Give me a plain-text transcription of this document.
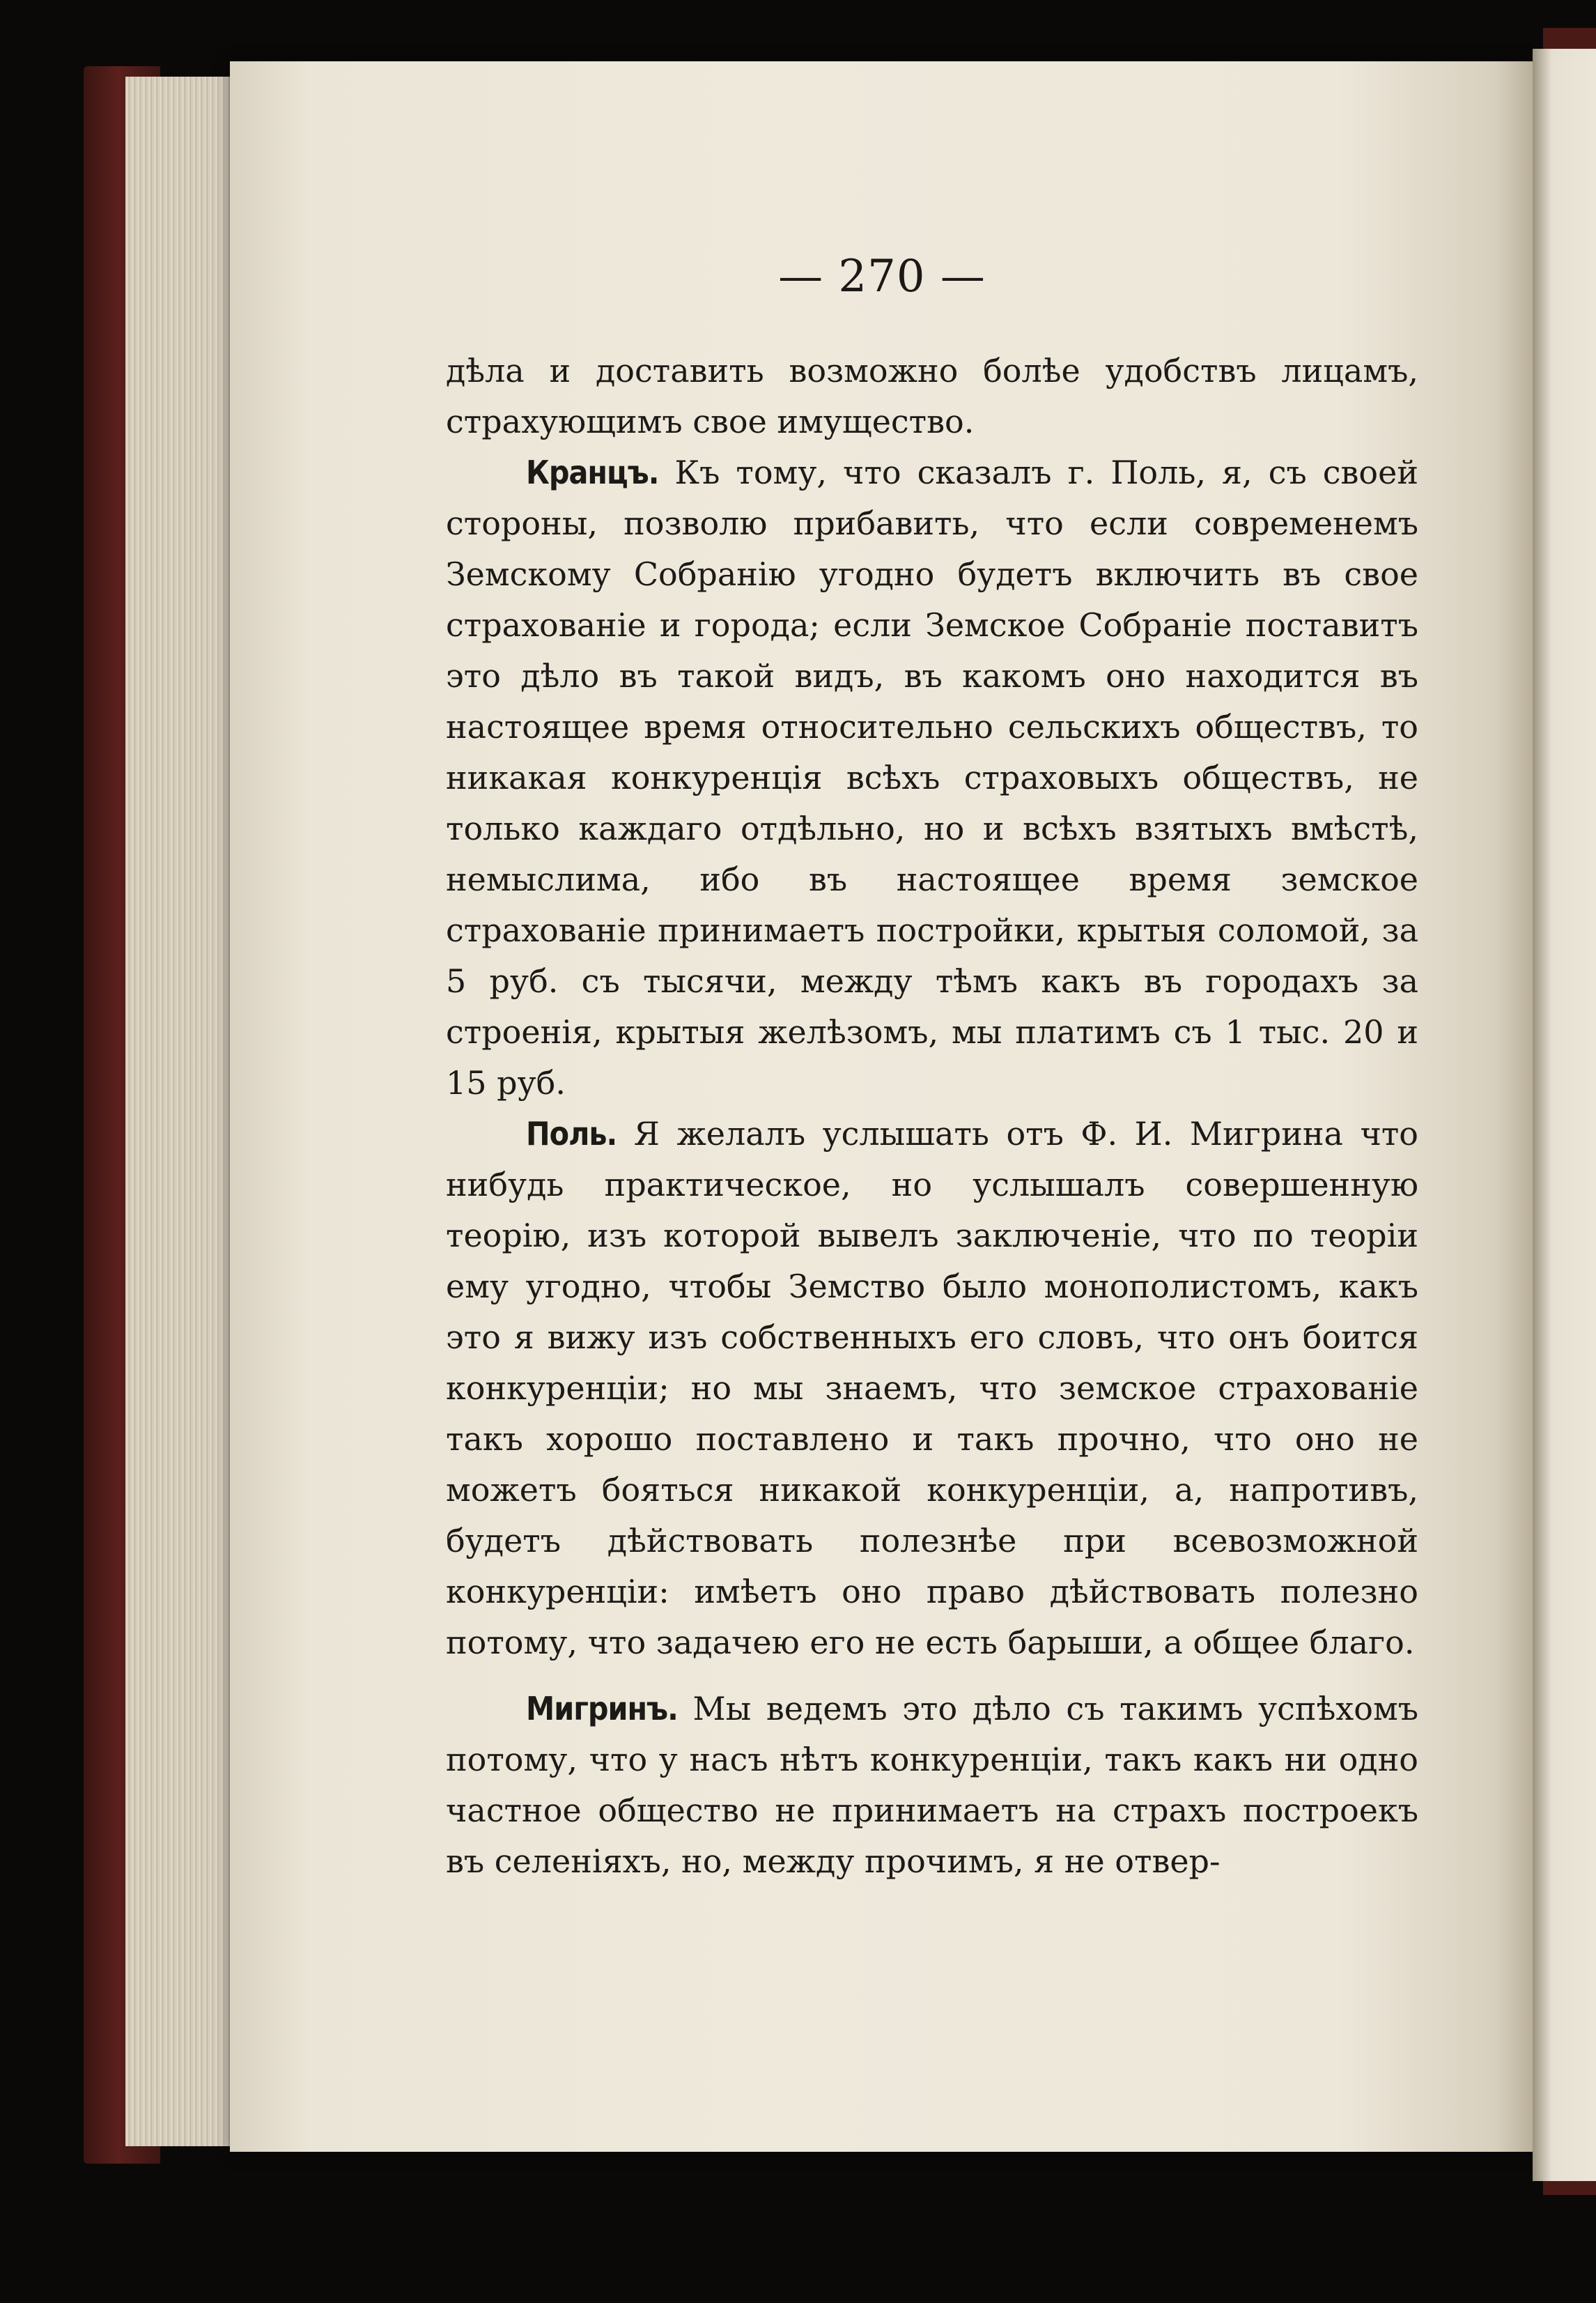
— 270 —

дѣла и доставить возможно болѣе удобствъ лицамъ, страхующимъ свое имущество.

Кранцъ. Къ тому, что сказалъ г. Поль, я, съ своей стороны, позволю прибавить, что если современемъ Земскому Собранію угодно будетъ включить въ свое страхованіе и города; если Земское Собраніе поставитъ это дѣло въ такой видъ, въ какомъ оно находится въ настоящее время относительно сельскихъ обществъ, то никакая конкуренція всѣхъ страховыхъ обществъ, не только каждаго отдѣльно, но и всѣхъ взятыхъ вмѣстѣ, немыслима, ибо въ настоящее время земское страхованіе принимаетъ постройки, крытыя соломой, за 5 руб. съ тысячи, между тѣмъ какъ въ городахъ за строенія, крытыя желѣзомъ, мы платимъ съ 1 тыс. 20 и 15 руб.

Поль. Я желалъ услышать отъ Ф. И. Мигрина что нибудь практическое, но услышалъ совершенную теорію, изъ которой вывелъ заключеніе, что по теоріи ему угодно, чтобы Земство было монополистомъ, какъ это я вижу изъ собственныхъ его словъ, что онъ боится конкуренціи; но мы знаемъ, что земское страхованіе такъ хорошо поставлено и такъ прочно, что оно не можетъ бояться никакой конкуренціи, а, напротивъ, будетъ дѣйствовать полезнѣе при всевозможной конкуренціи: имѣетъ оно право дѣйствовать полезно потому, что задачею его не есть барыши, а общее благо.

Мигринъ. Мы ведемъ это дѣло съ такимъ успѣхомъ потому, что у насъ нѣтъ конкуренціи, такъ какъ ни одно частное общество не принимаетъ на страхъ построекъ въ селеніяхъ, но, между прочимъ, я не отвер-
